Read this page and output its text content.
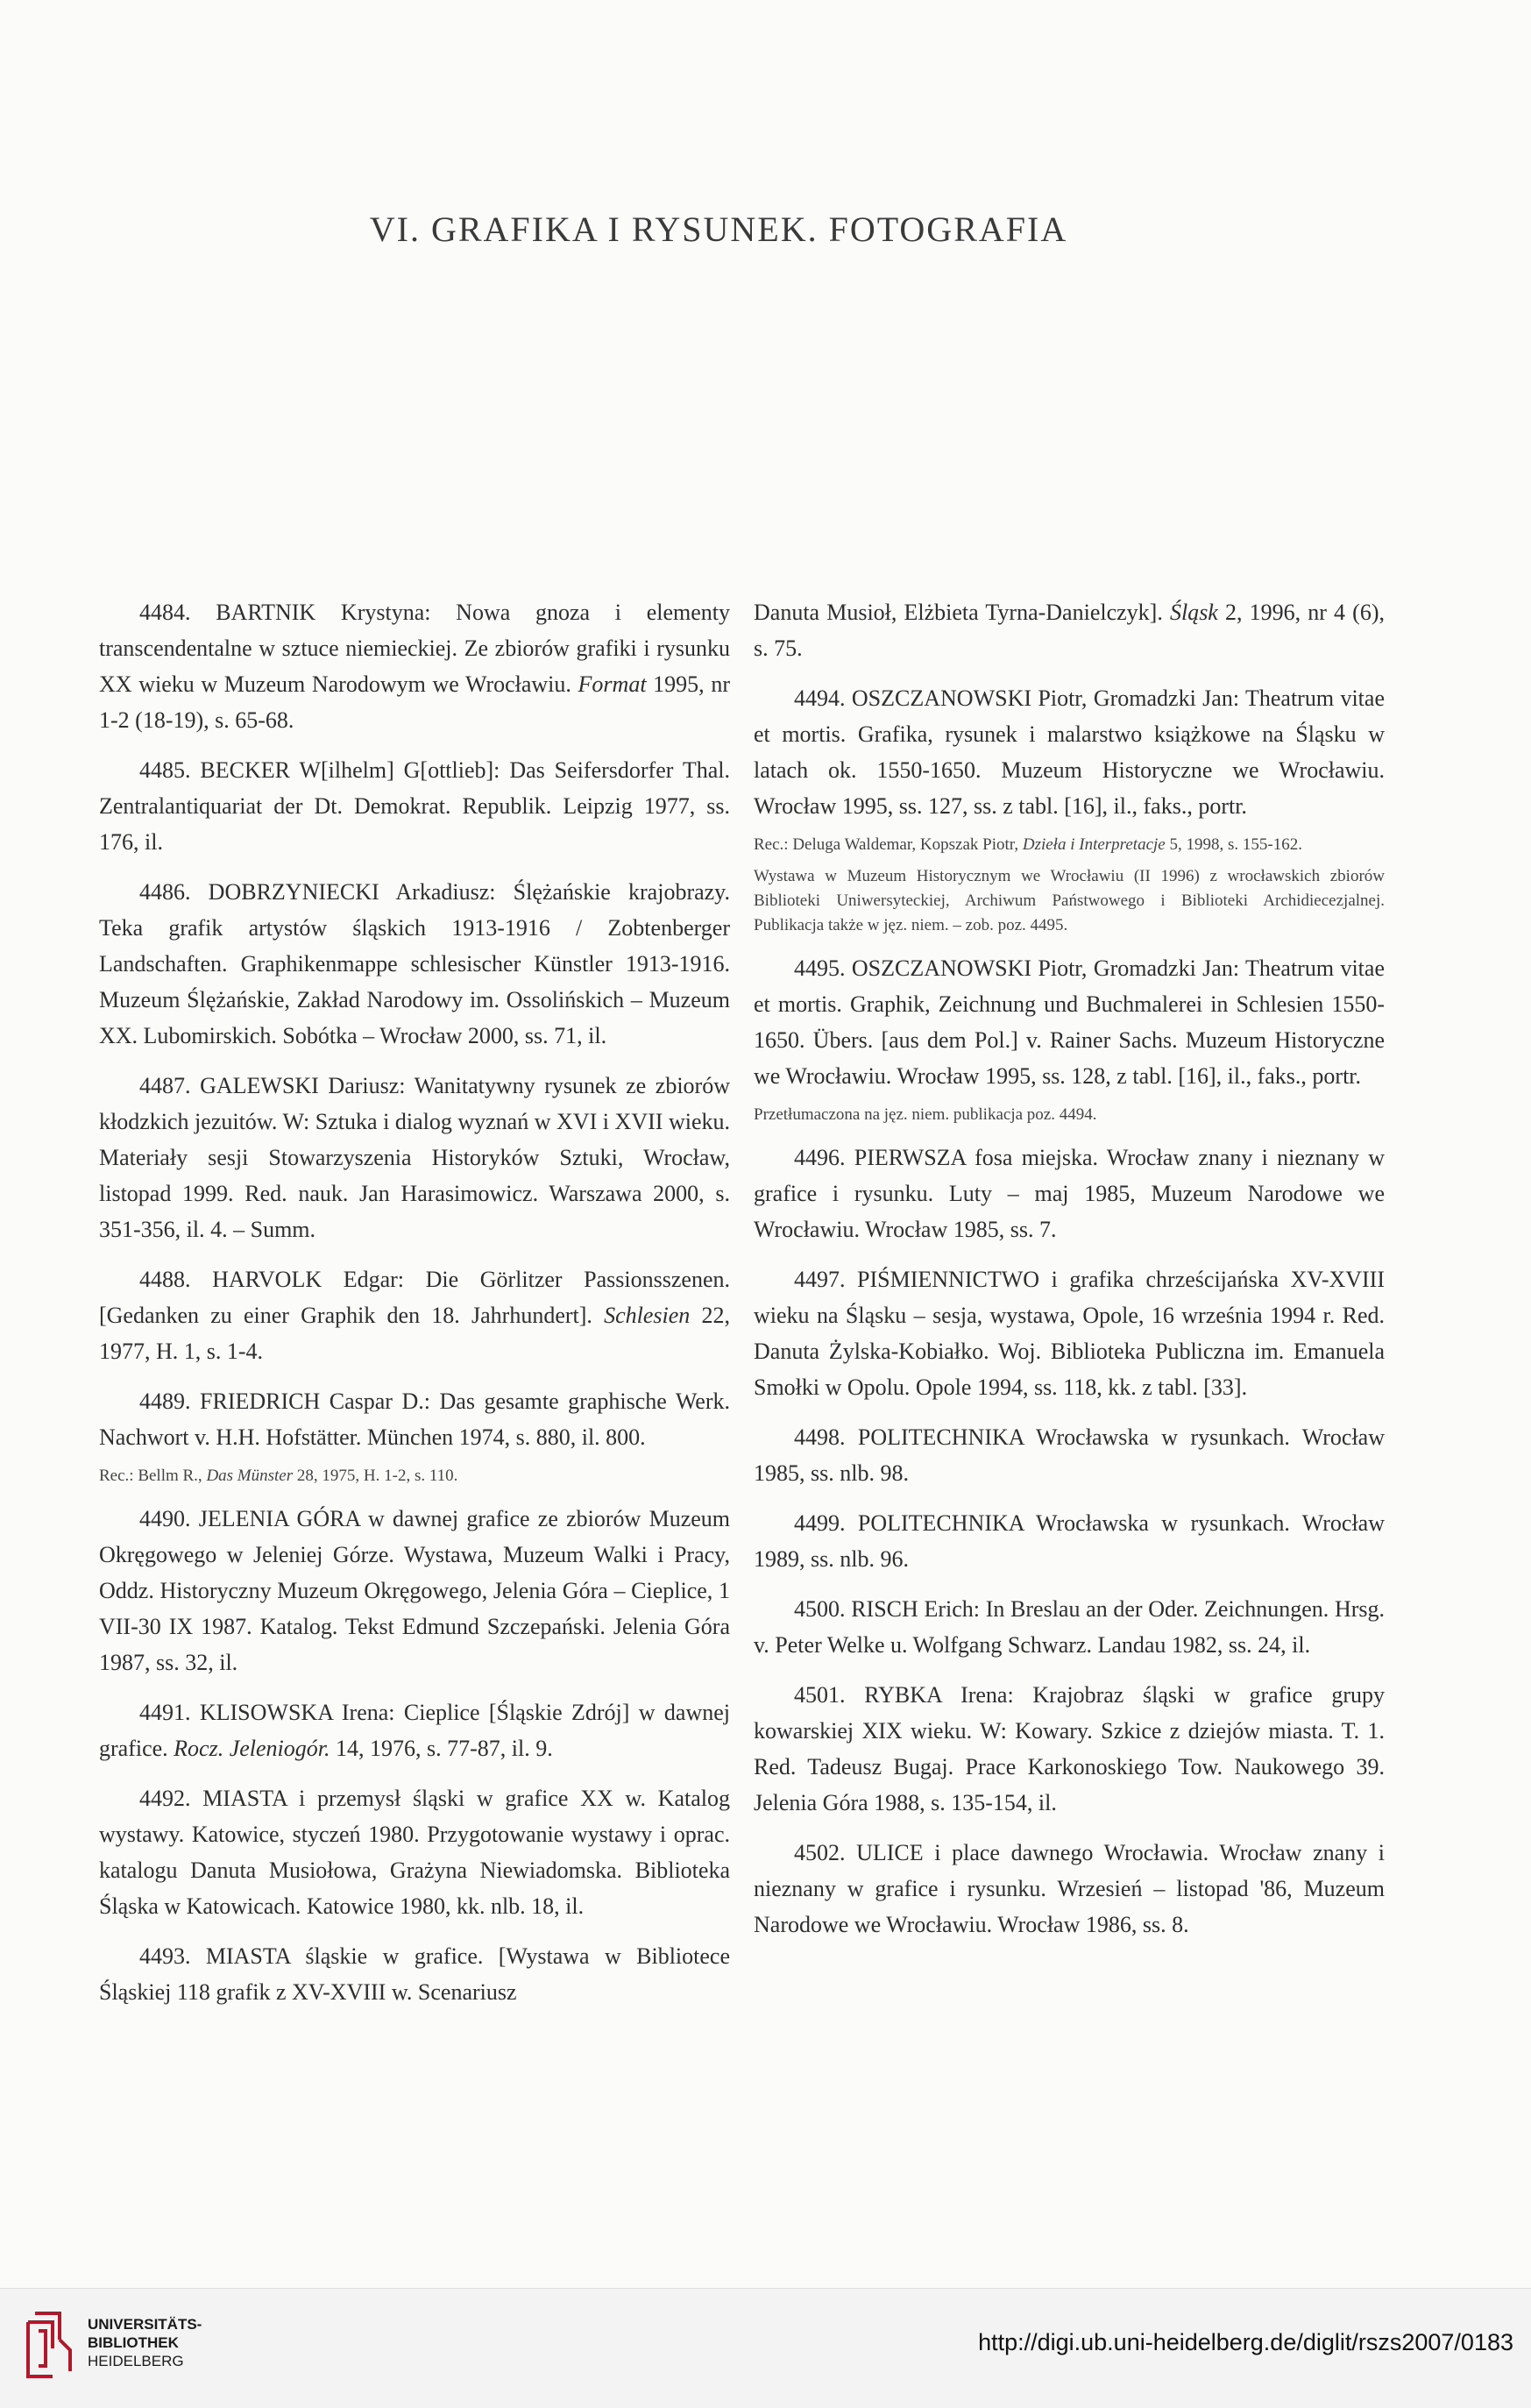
VI. GRAFIKA I RYSUNEK. FOTOGRAFIA

4484. BARTNIK Krystyna: Nowa gnoza i elementy transcendentalne w sztuce niemieckiej. Ze zbiorów grafiki i rysunku XX wieku w Muzeum Narodowym we Wrocławiu. Format 1995, nr 1-2 (18-19), s. 65-68.

4485. BECKER W[ilhelm] G[ottlieb]: Das Seifersdorfer Thal. Zentralantiquariat der Dt. Demokrat. Republik. Leipzig 1977, ss. 176, il.

4486. DOBRZYNIECKI Arkadiusz: Ślężańskie krajobrazy. Teka grafik artystów śląskich 1913-1916 / Zobtenberger Landschaften. Graphikenmappe schlesischer Künstler 1913-1916. Muzeum Ślężańskie, Zakład Narodowy im. Ossolińskich – Muzeum XX. Lubomirskich. Sobótka – Wrocław 2000, ss. 71, il.

4487. GALEWSKI Dariusz: Wanitatywny rysunek ze zbiorów kłodzkich jezuitów. W: Sztuka i dialog wyznań w XVI i XVII wieku. Materiały sesji Stowarzyszenia Historyków Sztuki, Wrocław, listopad 1999. Red. nauk. Jan Harasimowicz. Warszawa 2000, s. 351-356, il. 4. – Summ.

4488. HARVOLK Edgar: Die Görlitzer Passionsszenen. [Gedanken zu einer Graphik den 18. Jahrhundert]. Schlesien 22, 1977, H. 1, s. 1-4.

4489. FRIEDRICH Caspar D.: Das gesamte graphische Werk. Nachwort v. H.H. Hofstätter. München 1974, s. 880, il. 800.

Rec.: Bellm R., Das Münster 28, 1975, H. 1-2, s. 110.

4490. JELENIA GÓRA w dawnej grafice ze zbiorów Muzeum Okręgowego w Jeleniej Górze. Wystawa, Muzeum Walki i Pracy, Oddz. Historyczny Muzeum Okręgowego, Jelenia Góra – Cieplice, 1 VII-30 IX 1987. Katalog. Tekst Edmund Szczepański. Jelenia Góra 1987, ss. 32, il.

4491. KLISOWSKA Irena: Cieplice [Śląskie Zdrój] w dawnej grafice. Rocz. Jeleniogór. 14, 1976, s. 77-87, il. 9.

4492. MIASTA i przemysł śląski w grafice XX w. Katalog wystawy. Katowice, styczeń 1980. Przygotowanie wystawy i oprac. katalogu Danuta Musiołowa, Grażyna Niewiadomska. Biblioteka Śląska w Katowicach. Katowice 1980, kk. nlb. 18, il.

4493. MIASTA śląskie w grafice. [Wystawa w Bibliotece Śląskiej 118 grafik z XV-XVIII w. Scenariusz

Danuta Musioł, Elżbieta Tyrna-Danielczyk]. Śląsk 2, 1996, nr 4 (6), s. 75.

4494. OSZCZANOWSKI Piotr, Gromadzki Jan: Theatrum vitae et mortis. Grafika, rysunek i malarstwo książkowe na Śląsku w latach ok. 1550-1650. Muzeum Historyczne we Wrocławiu. Wrocław 1995, ss. 127, ss. z tabl. [16], il., faks., portr.

Rec.: Deluga Waldemar, Kopszak Piotr, Dzieła i Interpretacje 5, 1998, s. 155-162.

Wystawa w Muzeum Historycznym we Wrocławiu (II 1996) z wrocławskich zbiorów Biblioteki Uniwersyteckiej, Archiwum Państwowego i Biblioteki Archidiecezjalnej. Publikacja także w jęz. niem. – zob. poz. 4495.

4495. OSZCZANOWSKI Piotr, Gromadzki Jan: Theatrum vitae et mortis. Graphik, Zeichnung und Buchmalerei in Schlesien 1550-1650. Übers. [aus dem Pol.] v. Rainer Sachs. Muzeum Historyczne we Wrocławiu. Wrocław 1995, ss. 128, z tabl. [16], il., faks., portr.

Przetłumaczona na jęz. niem. publikacja poz. 4494.

4496. PIERWSZA fosa miejska. Wrocław znany i nieznany w grafice i rysunku. Luty – maj 1985, Muzeum Narodowe we Wrocławiu. Wrocław 1985, ss. 7.

4497. PIŚMIENNICTWO i grafika chrześcijańska XV-XVIII wieku na Śląsku – sesja, wystawa, Opole, 16 września 1994 r. Red. Danuta Żylska-Kobiałko. Woj. Biblioteka Publiczna im. Emanuela Smołki w Opolu. Opole 1994, ss. 118, kk. z tabl. [33].

4498. POLITECHNIKA Wrocławska w rysunkach. Wrocław 1985, ss. nlb. 98.

4499. POLITECHNIKA Wrocławska w rysunkach. Wrocław 1989, ss. nlb. 96.

4500. RISCH Erich: In Breslau an der Oder. Zeichnungen. Hrsg. v. Peter Welke u. Wolfgang Schwarz. Landau 1982, ss. 24, il.

4501. RYBKA Irena: Krajobraz śląski w grafice grupy kowarskiej XIX wieku. W: Kowary. Szkice z dziejów miasta. T. 1. Red. Tadeusz Bugaj. Prace Karkonoskiego Tow. Naukowego 39. Jelenia Góra 1988, s. 135-154, il.

4502. ULICE i place dawnego Wrocławia. Wrocław znany i nieznany w grafice i rysunku. Wrzesień – listopad '86, Muzeum Narodowe we Wrocławiu. Wrocław 1986, ss. 8.

UNIVERSITÄTS-
BIBLIOTHEK
HEIDELBERG
http://digi.ub.uni-heidelberg.de/diglit/rszs2007/0183
